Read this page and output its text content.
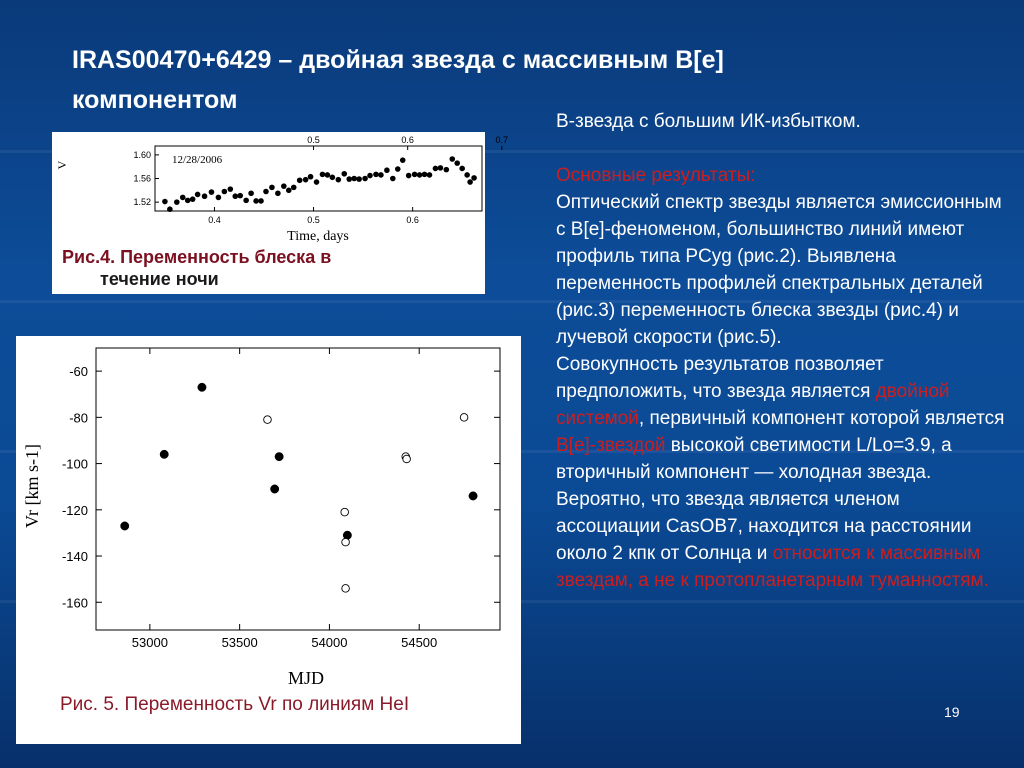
IRAS00470+6429 – двойная звезда с массивным B[e] компонентом
0.4	0.5	0.6
0.5	0.6	0.7
1.52
1.56
1.60
V
Time, days
12/28/2006
Рис.4. Переменность блеска в
течение ночи
53000	53500	54000	54500
-60
-80
-100
-120
-140
-160
Vr [km s-1]
MJD
Рис. 5. Переменность Vr по линиям HeI

B-звезда с большим ИК-избытком.

Основные результаты:

Оптический спектр звезды является эмиссионным с B[e]-феноменом, большинство линий имеют профиль типа PCyg (рис.2). Выявлена переменность профилей спектральных деталей (рис.3) переменность блеска звезды (рис.4) и лучевой скорости (рис.5).

Совокупность результатов позволяет предположить, что звезда является двойной системой, первичный компонент которой является B[e]-звездой высокой светимости L/Lo=3.9, а вторичный компонент — холодная звезда.

Вероятно, что звезда является членом ассоциации CasOB7, находится на расстоянии около 2 кпк от Солнца и относится к массивным звездам, а не к протопланетарным туманностям.

19
